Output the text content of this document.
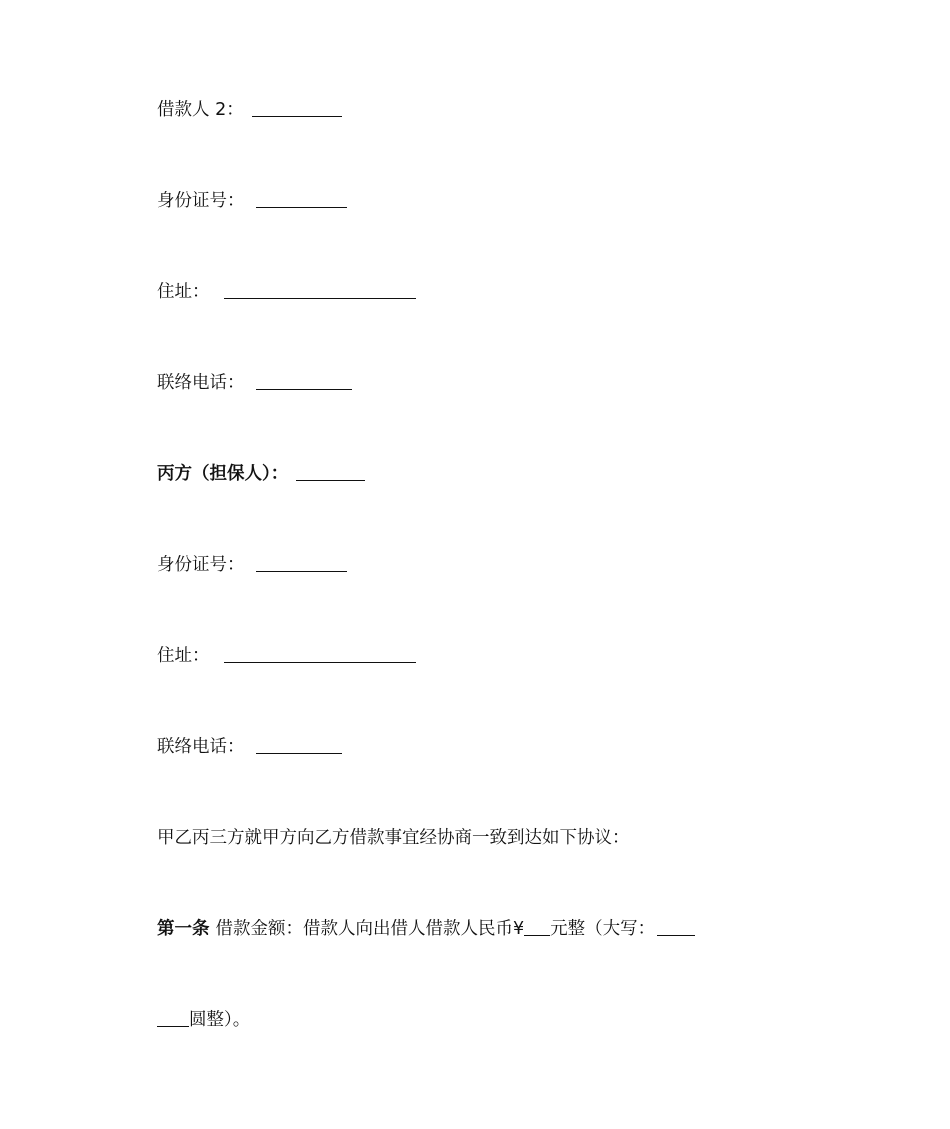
借款人 2：
身份证号：
住址：
联络电话：
丙方（担保人）：
身份证号：
住址：
联络电话：
甲乙丙三方就甲方向乙方借款事宜经协商一致到达如下协议：
第一条 借款金额：借款人向出借人借款人民币¥ 元整（大写：
圆整）。
